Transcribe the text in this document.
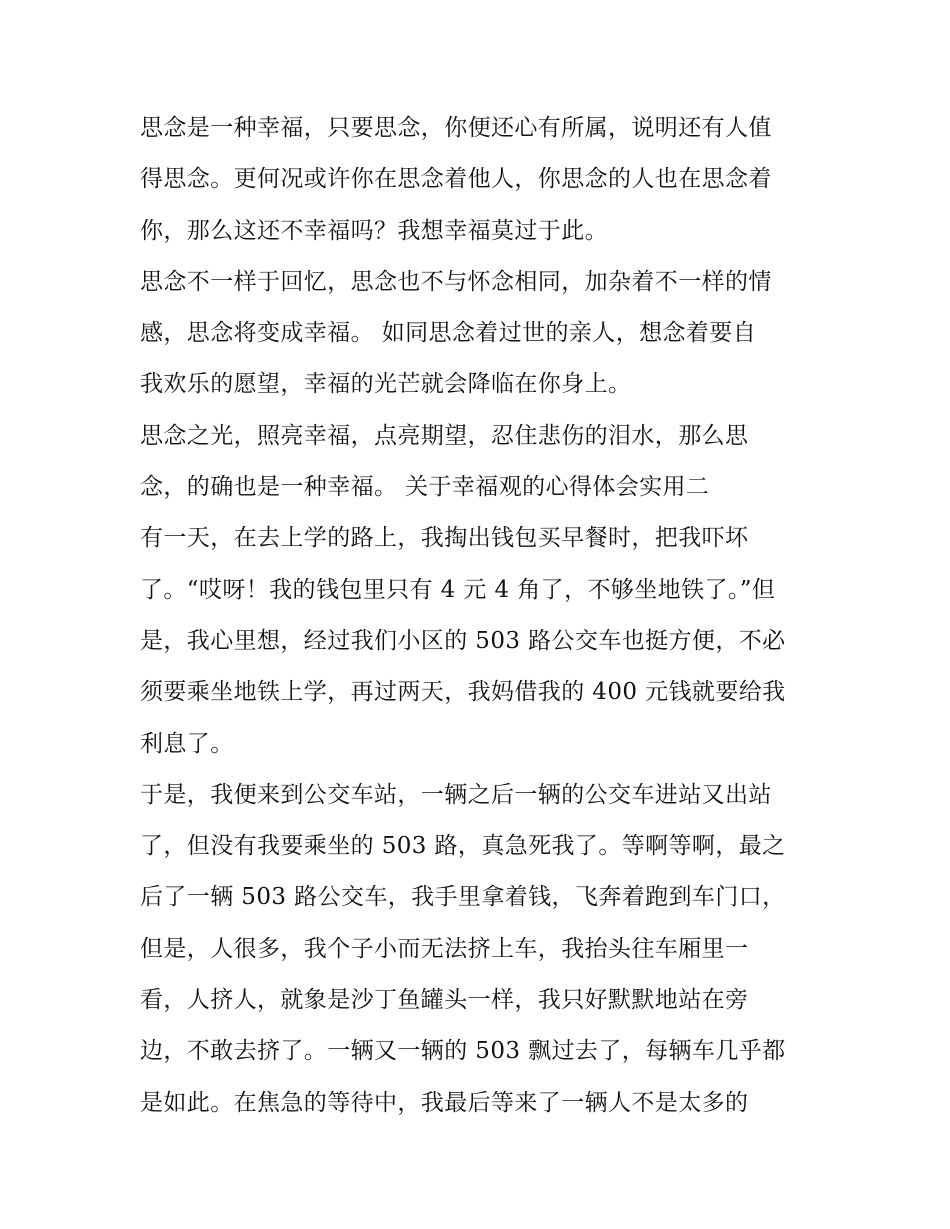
思念是一种幸福，只要思念，你便还心有所属，说明还有人值
得思念。更何况或许你在思念着他人，你思念的人也在思念着
你，那么这还不幸福吗？我想幸福莫过于此。
思念不一样于回忆，思念也不与怀念相同，加杂着不一样的情
感，思念将变成幸福。 如同思念着过世的亲人，想念着要自
我欢乐的愿望，幸福的光芒就会降临在你身上。
思念之光，照亮幸福，点亮期望，忍住悲伤的泪水，那么思
念，的确也是一种幸福。 关于幸福观的心得体会实用二
有一天，在去上学的路上，我掏出钱包买早餐时，把我吓坏
了。“哎呀！我的钱包里只有 4 元 4 角了，不够坐地铁了。”但
是，我心里想，经过我们小区的 503 路公交车也挺方便，不必
须要乘坐地铁上学，再过两天，我妈借我的 400 元钱就要给我
利息了。
于是，我便来到公交车站，一辆之后一辆的公交车进站又出站
了，但没有我要乘坐的 503 路，真急死我了。等啊等啊，最之
后了一辆 503 路公交车，我手里拿着钱，飞奔着跑到车门口，
但是，人很多，我个子小而无法挤上车，我抬头往车厢里一
看，人挤人，就象是沙丁鱼罐头一样，我只好默默地站在旁
边，不敢去挤了。一辆又一辆的 503 飘过去了，每辆车几乎都
是如此。在焦急的等待中，我最后等来了一辆人不是太多的
